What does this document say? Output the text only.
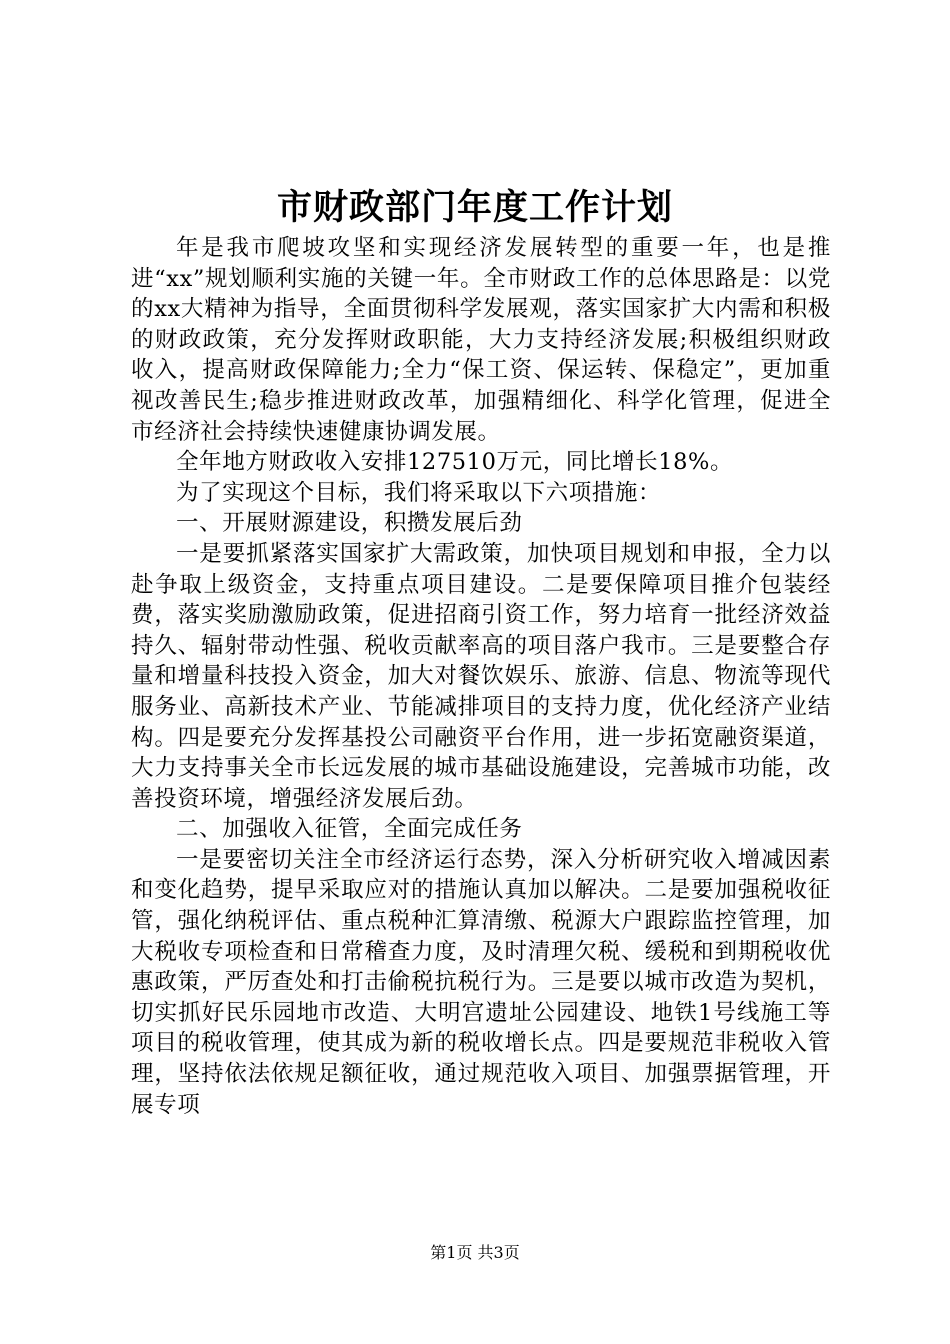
市财政部门年度工作计划

年是我市爬坡攻坚和实现经济发展转型的重要一年，也是推进“xx”规划顺利实施的关键一年。全市财政工作的总体思路是：以党的xx大精神为指导，全面贯彻科学发展观，落实国家扩大内需和积极的财政政策，充分发挥财政职能，大力支持经济发展;积极组织财政收入，提高财政保障能力;全力“保工资、保运转、保稳定”，更加重视改善民生;稳步推进财政改革，加强精细化、科学化管理，促进全市经济社会持续快速健康协调发展。

全年地方财政收入安排127510万元，同比增长18%。

为了实现这个目标，我们将采取以下六项措施：

一、开展财源建设，积攒发展后劲

一是要抓紧落实国家扩大需政策，加快项目规划和申报，全力以赴争取上级资金，支持重点项目建设。二是要保障项目推介包装经费，落实奖励激励政策，促进招商引资工作，努力培育一批经济效益持久、辐射带动性强、税收贡献率高的项目落户我市。三是要整合存量和增量科技投入资金，加大对餐饮娱乐、旅游、信息、物流等现代服务业、高新技术产业、节能减排项目的支持力度，优化经济产业结构。四是要充分发挥基投公司融资平台作用，进一步拓宽融资渠道，大力支持事关全市长远发展的城市基础设施建设，完善城市功能，改善投资环境，增强经济发展后劲。

二、加强收入征管，全面完成任务

一是要密切关注全市经济运行态势，深入分析研究收入增减因素和变化趋势，提早采取应对的措施认真加以解决。二是要加强税收征管，强化纳税评估、重点税种汇算清缴、税源大户跟踪监控管理，加大税收专项检查和日常稽查力度，及时清理欠税、缓税和到期税收优惠政策，严厉查处和打击偷税抗税行为。三是要以城市改造为契机，切实抓好民乐园地市改造、大明宫遗址公园建设、地铁1号线施工等项目的税收管理，使其成为新的税收增长点。四是要规范非税收入管理，坚持依法依规足额征收，通过规范收入项目、加强票据管理，开展专项

第1页 共3页
